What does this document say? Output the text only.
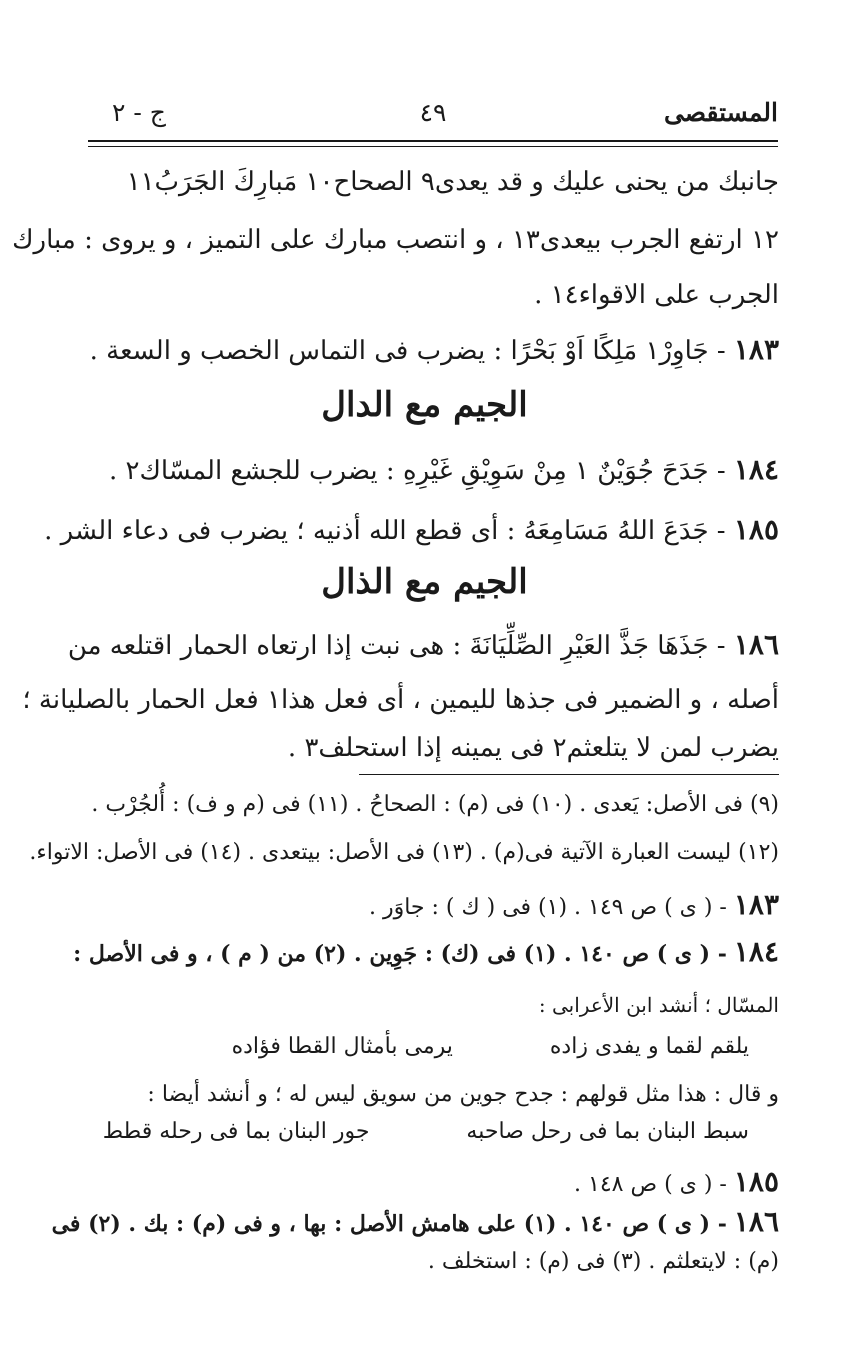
المستقصى
٤٩
ج - ٢
جانبك من يحنى عليك و قد يعدى٩ الصحاح١٠ مَبارِكَ الجَرَبُ١١
١٢ ارتفع الجرب بيعدى١٣ ، و انتصب مبارك على التميز ، و يروى : مبارك
الجرب على الاقواء١٤ .
١٨٣ - جَاوِرْ١ مَلِكًا اَوْ بَحْرًا : يضرب فى التماس الخصب و السعة .
الجيم مع الدال
١٨٤ - جَدَحَ جُوَيْنٌ ١ مِنْ سَوِيْقِ غَيْرِهِ : يضرب للجشع المسّاك٢ .
١٨٥ - جَدَعَ اللهُ مَسَامِعَهُ : أى قطع الله أذنيه ؛ يضرب فى دعاء الشر .
الجيم مع الذال
١٨٦ - جَذَهَا جَذَّ العَيْرِ الصِّلِّيَانَةَ : هى نبت إذا ارتعاه الحمار اقتلعه من
أصله ، و الضمير فى جذها لليمين ، أى فعل هذا١ فعل الحمار بالصليانة ؛
يضرب لمن لا يتلعثم٢ فى يمينه إذا استحلف٣ .
(٩) فى الأصل: يَعدى . (١٠) فى (م) : الصحاحُ . (١١) فى (م و ف) : أُلجُرْب .
(١٢) ليست العبارة الآتية فى(م) . (١٣) فى الأصل: بيتعدى . (١٤) فى الأصل: الاتواء.
١٨٣ - ( ى ) ص ١٤٩ . (١) فى ( ك ) : جاوَر .
١٨٤ - ( ى ) ص ١٤٠ . (١) فى (ك) : جَوِين . (٢) من ( م ) ، و فى الأصل :
المسّال ؛ أنشد ابن الأعرابى :
يلقم لقما و يفدى زاده يرمى بأمثال القطا فؤاده
و قال : هذا مثل قولهم : جدح جوين من سويق ليس له ؛ و أنشد أيضا :
سبط البنان بما فى رحل صاحبه جور البنان بما فى رحله قطط
١٨٥ - ( ى ) ص ١٤٨ .
١٨٦ - ( ى ) ص ١٤٠ . (١) على هامش الأصل : بها ، و فى (م) : بك . (٢) فى
(م) : لايتعلثم . (٣) فى (م) : استخلف .
